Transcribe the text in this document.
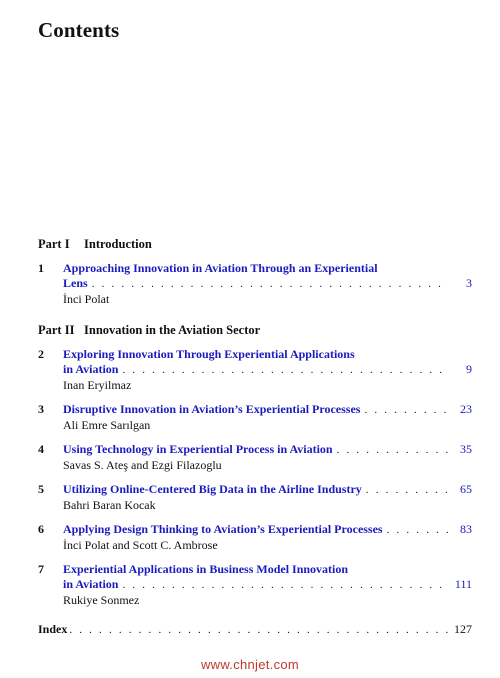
Contents
Part I Introduction
1 Approaching Innovation in Aviation Through an Experiential
Lens . . .	3
İnci Polat
Part II Innovation in the Aviation Sector
2 Exploring Innovation Through Experiential Applications
in Aviation . . .	9
Inan Eryilmaz
3 Disruptive Innovation in Aviation’s Experiential Processes . . .	23
Ali Emre Sarılgan
4 Using Technology in Experiential Process in Aviation . . .	35
Savas S. Ateş and Ezgi Filazoglu
5 Utilizing Online-Centered Big Data in the Airline Industry . . .	65
Bahri Baran Kocak
6 Applying Design Thinking to Aviation’s Experiential Processes . . .	83
İnci Polat and Scott C. Ambrose
7 Experiential Applications in Business Model Innovation
in Aviation . . .	111
Rukiye Sonmez
Index . . .	127
www.chnjet.com
